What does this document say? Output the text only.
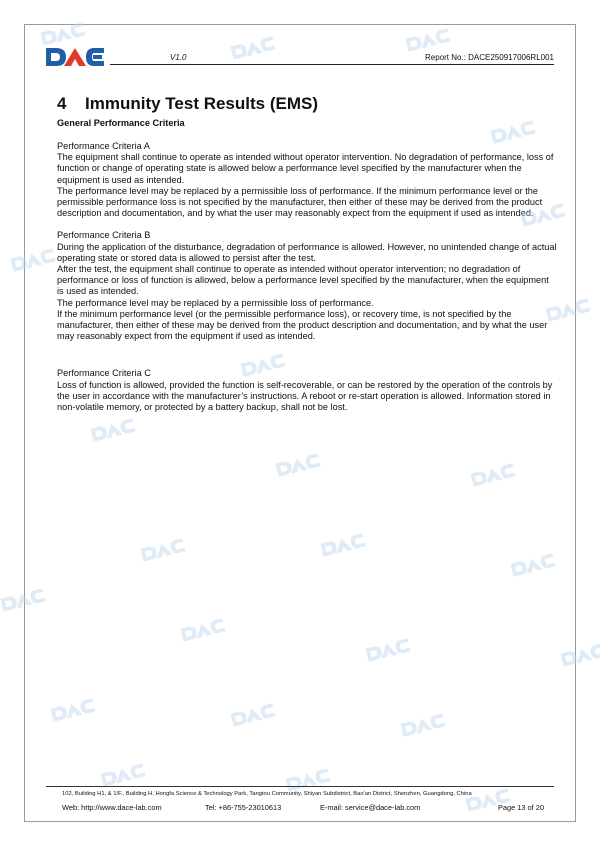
V1.0	Report No.: DACE250917006RL001
4 Immunity Test Results (EMS)
General Performance Criteria
Performance Criteria A

The equipment shall continue to operate as intended without operator intervention. No degradation of performance, loss of function or change of operating state is allowed below a performance level specified by the manufacturer when the equipment is used as intended.

The performance level may be replaced by a permissible loss of performance. If the minimum performance level or the permissible performance loss is not specified by the manufacturer, then either of these may be derived from the product description and documentation, and by what the user may reasonably expect from the equipment if used as intended.

Performance Criteria B

During the application of the disturbance, degradation of performance is allowed. However, no unintended change of actual operating state or stored data is allowed to persist after the test.

After the test, the equipment shall continue to operate as intended without operator intervention; no degradation of performance or loss of function is allowed, below a performance level specified by the manufacturer, when the equipment is used as intended.

The performance level may be replaced by a permissible loss of performance.

If the minimum performance level (or the permissible performance loss), or recovery time, is not specified by the manufacturer, then either of these may be derived from the product description and documentation, and by what the user may reasonably expect from the equipment if used as intended.

Performance Criteria C

Loss of function is allowed, provided the function is self-recoverable, or can be restored by the operation of the controls by the user in accordance with the manufacturer’s instructions. A reboot or re-start operation is allowed. Information stored in non-volatile memory, or protected by a battery backup, shall not be lost.

102, Building H1, & 1/F., Building H, Hongfa Science & Technology Park, Tangtou Community, Shiyan Subdistrict, Bao'an District, Shenzhen, Guangdong, China
Web: http://www.dace-lab.com	Tel: +86-755-23010613	E-mail: service@dace-lab.com	Page 13 of 20
